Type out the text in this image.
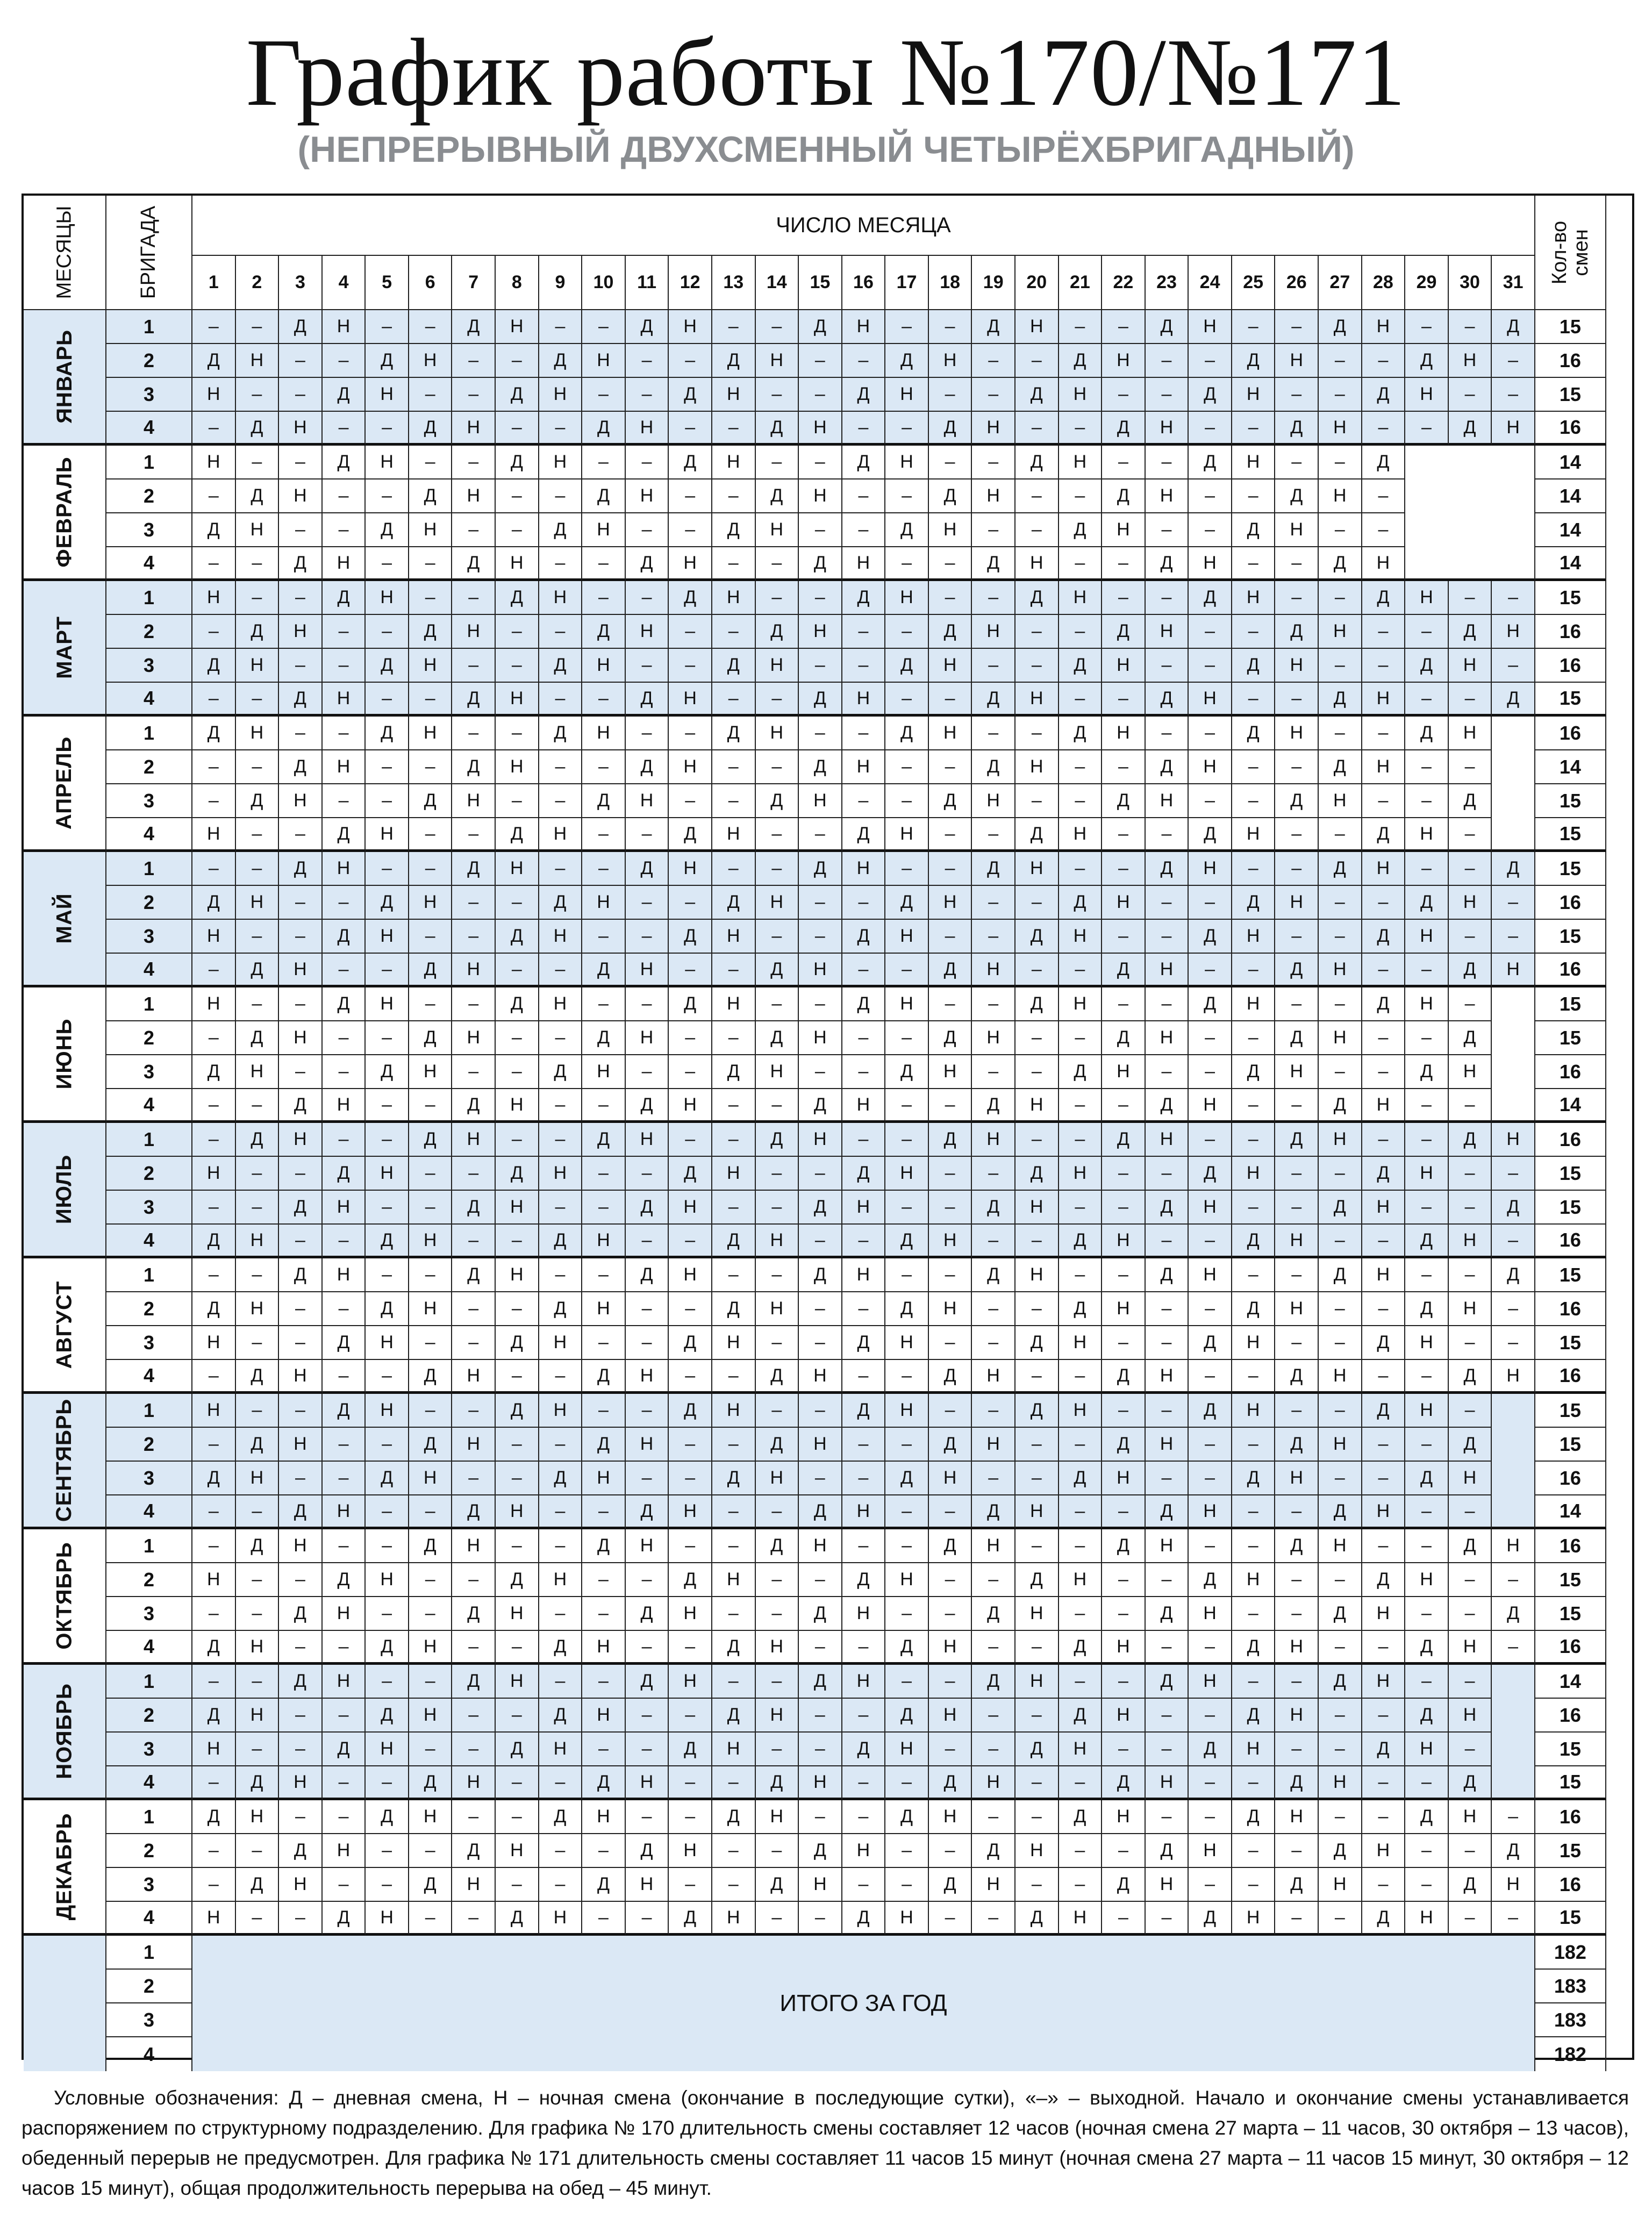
График работы №170/№171
(НЕПРЕРЫВНЫЙ ДВУХСМЕННЫЙ ЧЕТЫРЁХБРИГАДНЫЙ)
МЕСЯЦЫ	БРИГАДА	ЧИСЛО МЕСЯЦА	Кол-во смен
1	2	3	4	5	6	7	8	9	10	11	12	13	14	15	16	17	18	19	20	21	22	23	24	25	26	27	28	29	30	31
ЯНВАРЬ
1	–	–	Д	Н	–	–	Д	Н	–	–	Д	Н	–	–	Д	Н	–	–	Д	Н	–	–	Д	Н	–	–	Д	Н	–	–	Д	15
2	Д	Н	–	–	Д	Н	–	–	Д	Н	–	–	Д	Н	–	–	Д	Н	–	–	Д	Н	–	–	Д	Н	–	–	Д	Н	–	16
3	Н	–	–	Д	Н	–	–	Д	Н	–	–	Д	Н	–	–	Д	Н	–	–	Д	Н	–	–	Д	Н	–	–	Д	Н	–	–	15
4	–	Д	Н	–	–	Д	Н	–	–	Д	Н	–	–	Д	Н	–	–	Д	Н	–	–	Д	Н	–	–	Д	Н	–	–	Д	Н	16
ФЕВРАЛЬ	1	Н	–	–	Д	Н	–	–	Д	Н	–	–	Д	Н	–	–	Д	Н	–	–	Д	Н	–	–	Д	Н	–	–	Д	14
2	–	Д	Н	–	–	Д	Н	–	–	Д	Н	–	–	Д	Н	–	–	Д	Н	–	–	Д	Н	–	–	Д	Н	–	14
3	Д	Н	–	–	Д	Н	–	–	Д	Н	–	–	Д	Н	–	–	Д	Н	–	–	Д	Н	–	–	Д	Н	–	–	14
4	–	–	Д	Н	–	–	Д	Н	–	–	Д	Н	–	–	Д	Н	–	–	Д	Н	–	–	Д	Н	–	–	Д	Н	14
МАРТ
1	Н	–	–	Д	Н	–	–	Д	Н	–	–	Д	Н	–	–	Д	Н	–	–	Д	Н	–	–	Д	Н	–	–	Д	Н	–	–	15
2	–	Д	Н	–	–	Д	Н	–	–	Д	Н	–	–	Д	Н	–	–	Д	Н	–	–	Д	Н	–	–	Д	Н	–	–	Д	Н	16
3	Д	Н	–	–	Д	Н	–	–	Д	Н	–	–	Д	Н	–	–	Д	Н	–	–	Д	Н	–	–	Д	Н	–	–	Д	Н	–	16
4	–	–	Д	Н	–	–	Д	Н	–	–	Д	Н	–	–	Д	Н	–	–	Д	Н	–	–	Д	Н	–	–	Д	Н	–	–	Д	15
АПРЕЛЬ
1	Д	Н	–	–	Д	Н	–	–	Д	Н	–	–	Д	Н	–	–	Д	Н	–	–	Д	Н	–	–	Д	Н	–	–	Д	Н	16
2	–	–	Д	Н	–	–	Д	Н	–	–	Д	Н	–	–	Д	Н	–	–	Д	Н	–	–	Д	Н	–	–	Д	Н	–	–	14
3	–	Д	Н	–	–	Д	Н	–	–	Д	Н	–	–	Д	Н	–	–	Д	Н	–	–	Д	Н	–	–	Д	Н	–	–	Д	15
4	Н	–	–	Д	Н	–	–	Д	Н	–	–	Д	Н	–	–	Д	Н	–	–	Д	Н	–	–	Д	Н	–	–	Д	Н	–	15
МАЙ
1	–	–	Д	Н	–	–	Д	Н	–	–	Д	Н	–	–	Д	Н	–	–	Д	Н	–	–	Д	Н	–	–	Д	Н	–	–	Д	15
2	Д	Н	–	–	Д	Н	–	–	Д	Н	–	–	Д	Н	–	–	Д	Н	–	–	Д	Н	–	–	Д	Н	–	–	Д	Н	–	16
3	Н	–	–	Д	Н	–	–	Д	Н	–	–	Д	Н	–	–	Д	Н	–	–	Д	Н	–	–	Д	Н	–	–	Д	Н	–	–	15
4	–	Д	Н	–	–	Д	Н	–	–	Д	Н	–	–	Д	Н	–	–	Д	Н	–	–	Д	Н	–	–	Д	Н	–	–	Д	Н	16
ИЮНЬ
1	Н	–	–	Д	Н	–	–	Д	Н	–	–	Д	Н	–	–	Д	Н	–	–	Д	Н	–	–	Д	Н	–	–	Д	Н	–	15
2	–	Д	Н	–	–	Д	Н	–	–	Д	Н	–	–	Д	Н	–	–	Д	Н	–	–	Д	Н	–	–	Д	Н	–	–	Д	15
3	Д	Н	–	–	Д	Н	–	–	Д	Н	–	–	Д	Н	–	–	Д	Н	–	–	Д	Н	–	–	Д	Н	–	–	Д	Н	16
4	–	–	Д	Н	–	–	Д	Н	–	–	Д	Н	–	–	Д	Н	–	–	Д	Н	–	–	Д	Н	–	–	Д	Н	–	–	14
ИЮЛЬ
1	–	Д	Н	–	–	Д	Н	–	–	Д	Н	–	–	Д	Н	–	–	Д	Н	–	–	Д	Н	–	–	Д	Н	–	–	Д	Н	16
2	Н	–	–	Д	Н	–	–	Д	Н	–	–	Д	Н	–	–	Д	Н	–	–	Д	Н	–	–	Д	Н	–	–	Д	Н	–	–	15
3	–	–	Д	Н	–	–	Д	Н	–	–	Д	Н	–	–	Д	Н	–	–	Д	Н	–	–	Д	Н	–	–	Д	Н	–	–	Д	15
4	Д	Н	–	–	Д	Н	–	–	Д	Н	–	–	Д	Н	–	–	Д	Н	–	–	Д	Н	–	–	Д	Н	–	–	Д	Н	–	16
АВГУСТ
1	–	–	Д	Н	–	–	Д	Н	–	–	Д	Н	–	–	Д	Н	–	–	Д	Н	–	–	Д	Н	–	–	Д	Н	–	–	Д	15
2	Д	Н	–	–	Д	Н	–	–	Д	Н	–	–	Д	Н	–	–	Д	Н	–	–	Д	Н	–	–	Д	Н	–	–	Д	Н	–	16
3	Н	–	–	Д	Н	–	–	Д	Н	–	–	Д	Н	–	–	Д	Н	–	–	Д	Н	–	–	Д	Н	–	–	Д	Н	–	–	15
4	–	Д	Н	–	–	Д	Н	–	–	Д	Н	–	–	Д	Н	–	–	Д	Н	–	–	Д	Н	–	–	Д	Н	–	–	Д	Н	16
СЕНТЯБРЬ	1	Н	–	–	Д	Н	–	–	Д	Н	–	–	Д	Н	–	–	Д	Н	–	–	Д	Н	–	–	Д	Н	–	–	Д	Н	–	15
2	–	Д	Н	–	–	Д	Н	–	–	Д	Н	–	–	Д	Н	–	–	Д	Н	–	–	Д	Н	–	–	Д	Н	–	–	Д	15
3	Д	Н	–	–	Д	Н	–	–	Д	Н	–	–	Д	Н	–	–	Д	Н	–	–	Д	Н	–	–	Д	Н	–	–	Д	Н	16
4	–	–	Д	Н	–	–	Д	Н	–	–	Д	Н	–	–	Д	Н	–	–	Д	Н	–	–	Д	Н	–	–	Д	Н	–	–	14
ОКТЯБРЬ	1	–	Д	Н	–	–	Д	Н	–	–	Д	Н	–	–	Д	Н	–	–	Д	Н	–	–	Д	Н	–	–	Д	Н	–	–	Д	Н	16
2	Н	–	–	Д	Н	–	–	Д	Н	–	–	Д	Н	–	–	Д	Н	–	–	Д	Н	–	–	Д	Н	–	–	Д	Н	–	–	15
3	–	–	Д	Н	–	–	Д	Н	–	–	Д	Н	–	–	Д	Н	–	–	Д	Н	–	–	Д	Н	–	–	Д	Н	–	–	Д	15
4	Д	Н	–	–	Д	Н	–	–	Д	Н	–	–	Д	Н	–	–	Д	Н	–	–	Д	Н	–	–	Д	Н	–	–	Д	Н	–	16
НОЯБРЬ
1	–	–	Д	Н	–	–	Д	Н	–	–	Д	Н	–	–	Д	Н	–	–	Д	Н	–	–	Д	Н	–	–	Д	Н	–	–	14
2	Д	Н	–	–	Д	Н	–	–	Д	Н	–	–	Д	Н	–	–	Д	Н	–	–	Д	Н	–	–	Д	Н	–	–	Д	Н	16
3	Н	–	–	Д	Н	–	–	Д	Н	–	–	Д	Н	–	–	Д	Н	–	–	Д	Н	–	–	Д	Н	–	–	Д	Н	–	15
4	–	Д	Н	–	–	Д	Н	–	–	Д	Н	–	–	Д	Н	–	–	Д	Н	–	–	Д	Н	–	–	Д	Н	–	–	Д	15
ДЕКАБРЬ	1	Д	Н	–	–	Д	Н	–	–	Д	Н	–	–	Д	Н	–	–	Д	Н	–	–	Д	Н	–	–	Д	Н	–	–	Д	Н	–	16
2	–	–	Д	Н	–	–	Д	Н	–	–	Д	Н	–	–	Д	Н	–	–	Д	Н	–	–	Д	Н	–	–	Д	Н	–	–	Д	15
3	–	Д	Н	–	–	Д	Н	–	–	Д	Н	–	–	Д	Н	–	–	Д	Н	–	–	Д	Н	–	–	Д	Н	–	–	Д	Н	16
4	Н	–	–	Д	Н	–	–	Д	Н	–	–	Д	Н	–	–	Д	Н	–	–	Д	Н	–	–	Д	Н	–	–	Д	Н	–	–	15
1	182
2	183
3	183
4	182
ИТОГО ЗА ГОД
Условные обозначения: Д – дневная смена, Н – ночная смена (окончание в последующие сутки), «–» – выходной. Начало и окончание смены устанавливается распоряжением по структурному подразделению. Для графика № 170 длительность смены составляет 12 часов (ночная смена 27 марта – 11 часов, 30 октября – 13 часов), обеденный перерыв не предусмотрен. Для графика № 171 длительность смены составляет 11 часов 15 минут (ночная смена 27 марта – 11 часов 15 минут, 30 октября – 12 часов 15 минут), общая продолжительность перерыва на обед – 45 минут.
